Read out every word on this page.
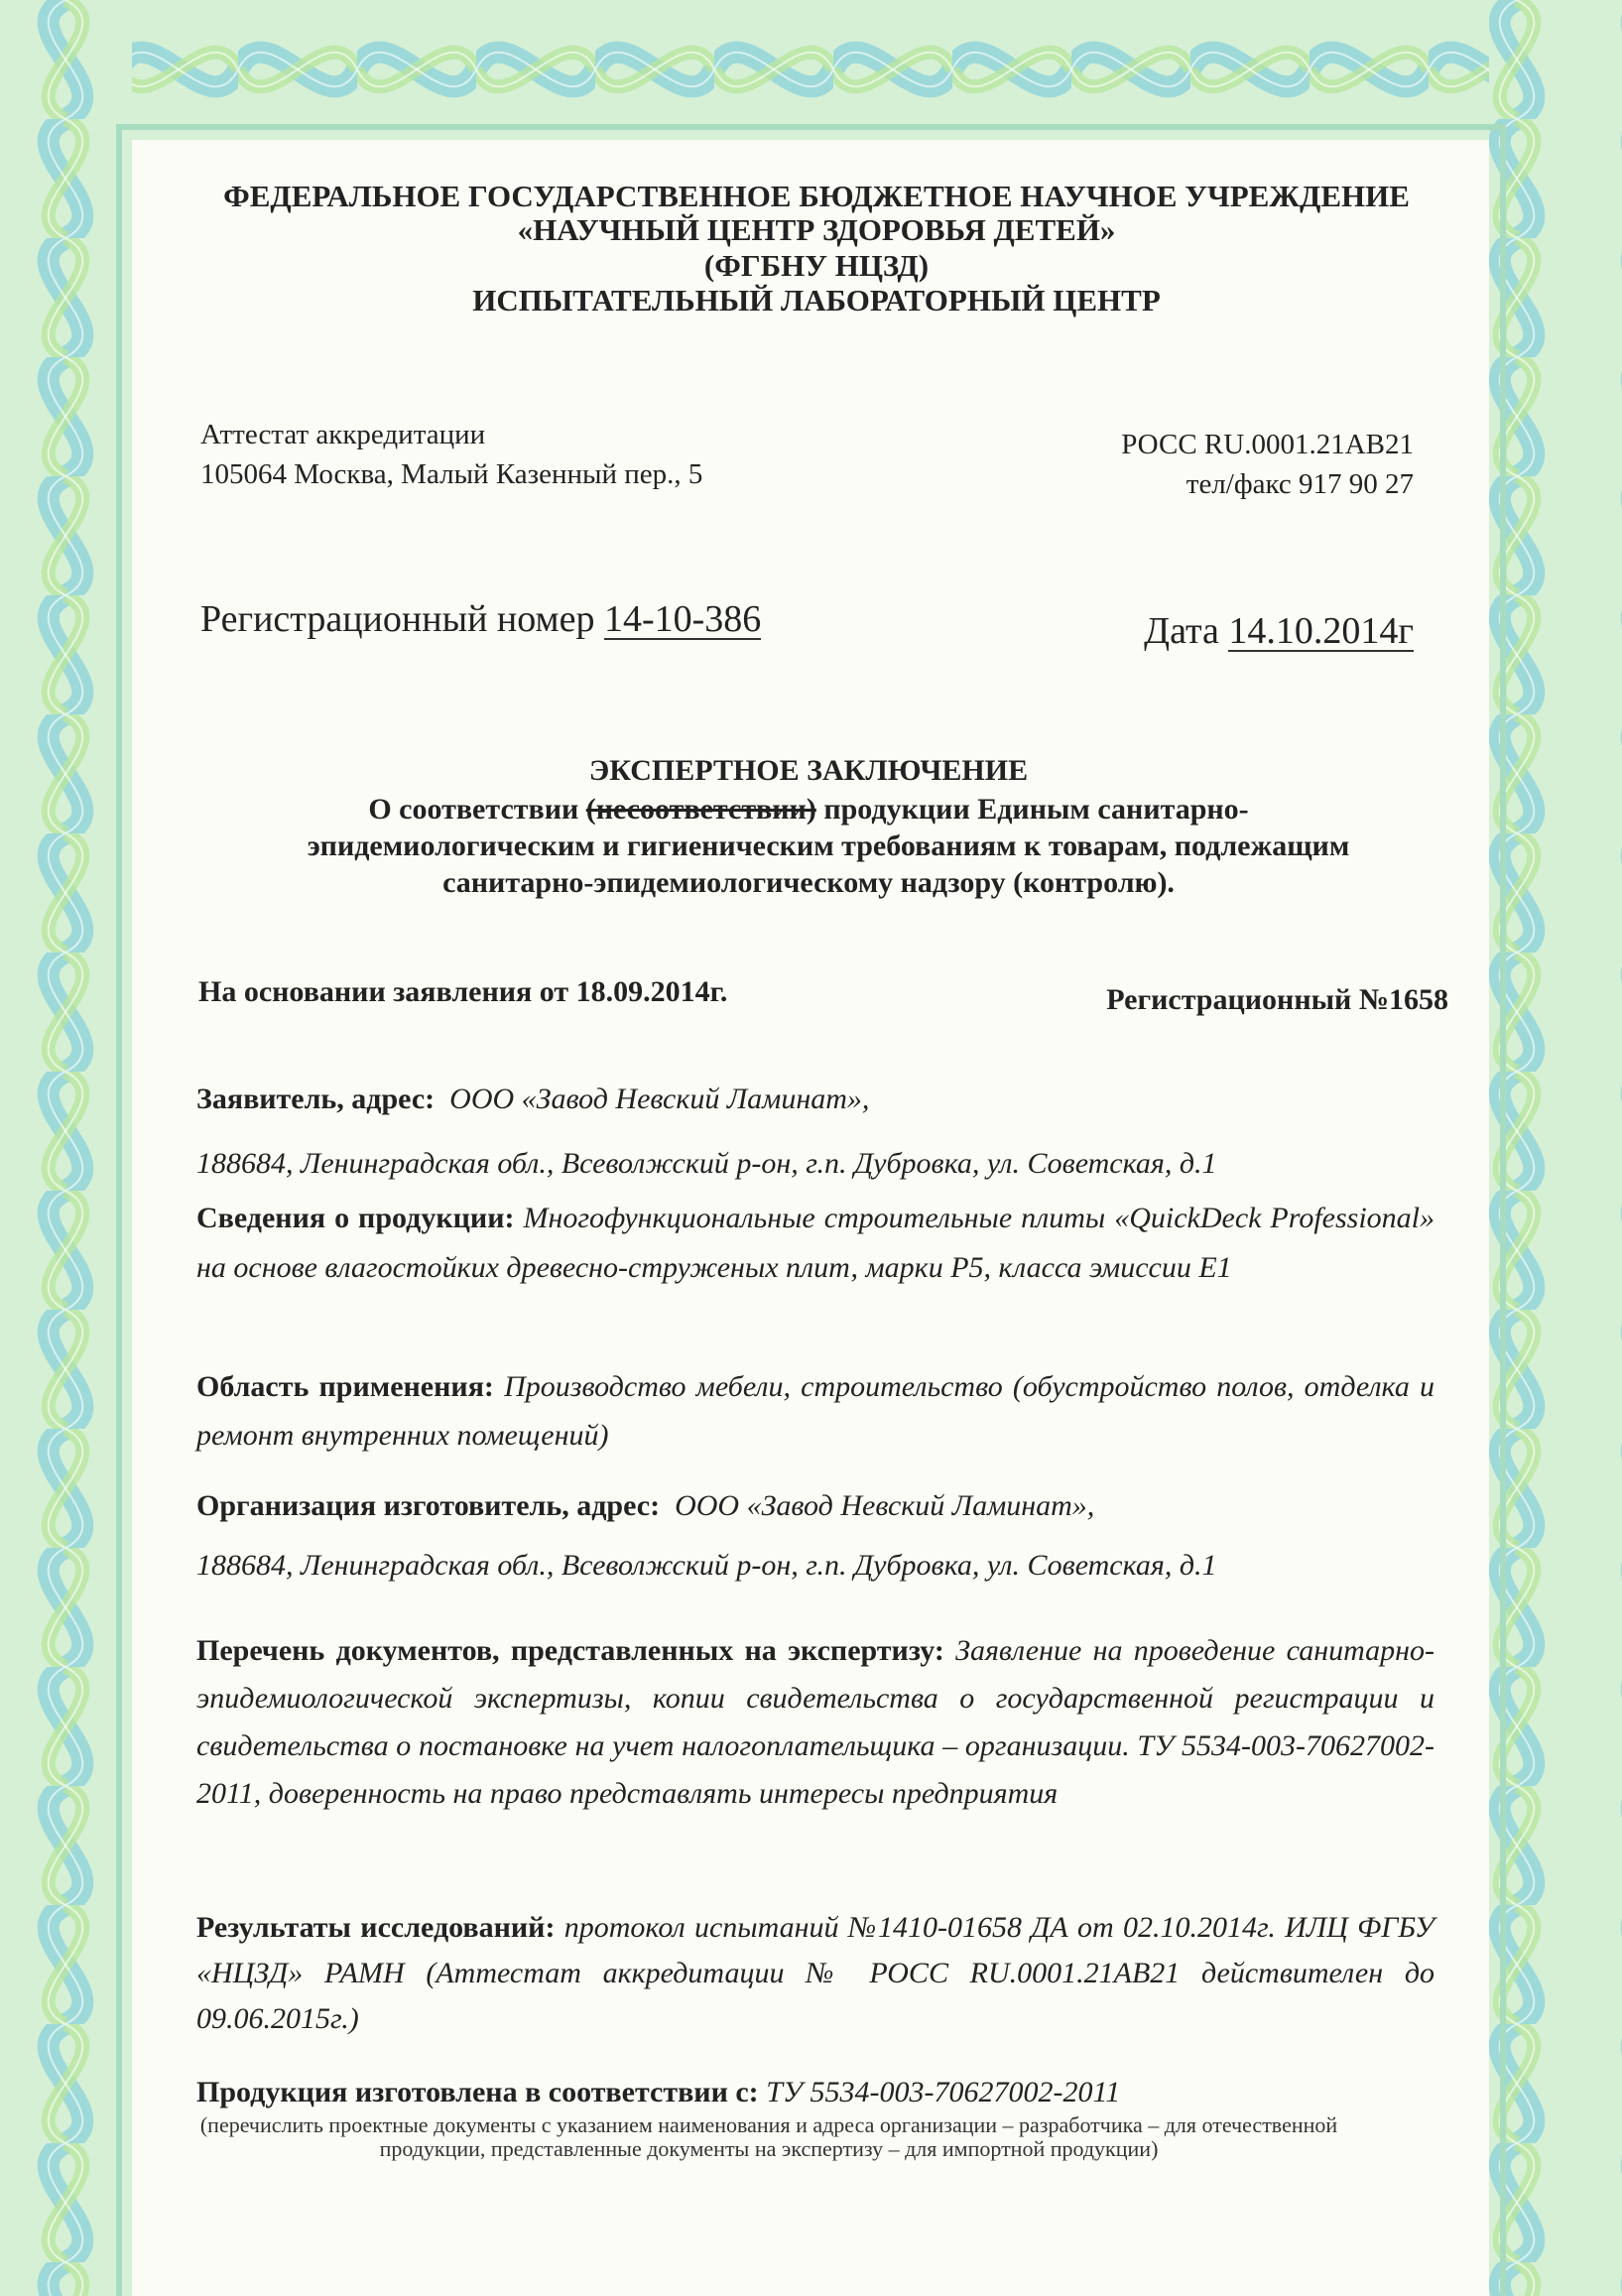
ФЕДЕРАЛЬНОЕ ГОСУДАРСТВЕННОЕ БЮДЖЕТНОЕ НАУЧНОЕ УЧРЕЖДЕНИЕ
«НАУЧНЫЙ ЦЕНТР ЗДОРОВЬЯ ДЕТЕЙ»
(ФГБНУ НЦЗД)
ИСПЫТАТЕЛЬНЫЙ ЛАБОРАТОРНЫЙ ЦЕНТР
Аттестат аккредитации
105064 Москва, Малый Казенный пер., 5
РОСС RU.0001.21АВ21
тел/факс 917 90 27
Регистрационный номер 14-10-386	Дата 14.10.2014г
ЭКСПЕРТНОЕ ЗАКЛЮЧЕНИЕ
О соответствии (несоответствии) продукции Единым санитарно-
эпидемиологическим и гигиеническим требованиям к товарам, подлежащим
санитарно-эпидемиологическому надзору (контролю).
На основании заявления от 18.09.2014г.	Регистрационный №1658
Заявитель, адрес: ООО «Завод Невский Ламинат»,
188684, Ленинградская обл., Всеволжский р-он, г.п. Дубровка, ул. Советская, д.1
Сведения о продукции: Многофункциональные строительные плиты «QuickDeck Professional» на основе влагостойких древесно-струженых плит, марки P5, класса эмиссии Е1
Область применения: Производство мебели, строительство (обустройство полов, отделка и ремонт внутренних помещений)
Организация изготовитель, адрес: ООО «Завод Невский Ламинат»,
188684, Ленинградская обл., Всеволжский р-он, г.п. Дубровка, ул. Советская, д.1
Перечень документов, представленных на экспертизу: Заявление на проведение санитарно-эпидемиологической экспертизы, копии свидетельства о государственной регистрации и свидетельства о постановке на учет налогоплательщика – организации. ТУ 5534-003-70627002-2011, доверенность на право представлять интересы предприятия
Результаты исследований: протокол испытаний №1410-01658 ДА от 02.10.2014г. ИЛЦ ФГБУ «НЦЗД» РАМН (Аттестат аккредитации № РОСС RU.0001.21АВ21 действителен до 09.06.2015г.)
Продукция изготовлена в соответствии с: ТУ 5534-003-70627002-2011
(перечислить проектные документы с указанием наименования и адреса организации – разработчика – для отечественной продукции, представленные документы на экспертизу – для импортной продукции)
